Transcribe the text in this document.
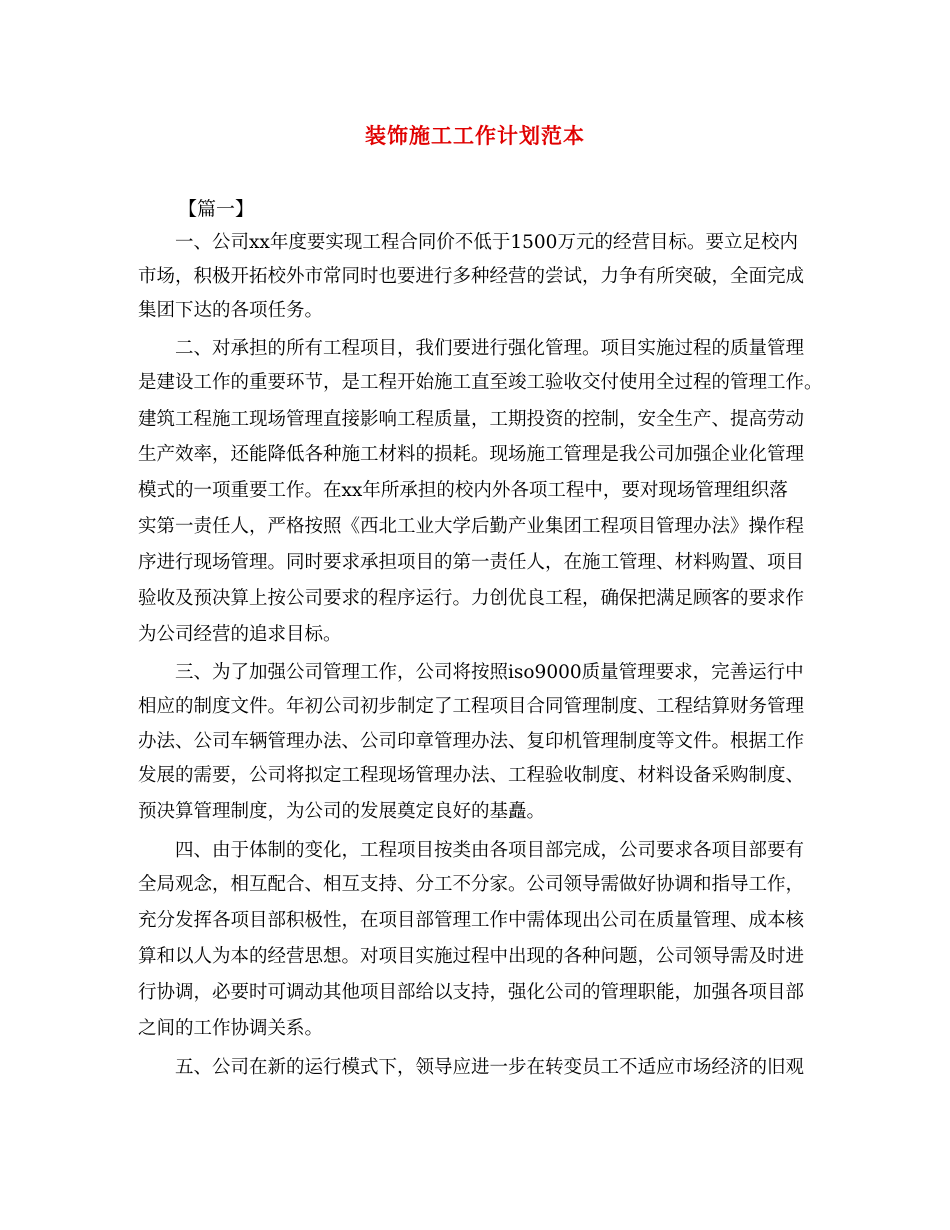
装饰施工工作计划范本
【篇一】
　　一、公司xx年度要实现工程合同价不低于1500万元的经营目标。要立足校内
市场，积极开拓校外市常同时也要进行多种经营的尝试，力争有所突破，全面完成
集团下达的各项任务。
　　二、对承担的所有工程项目，我们要进行强化管理。项目实施过程的质量管理
是建设工作的重要环节，是工程开始施工直至竣工验收交付使用全过程的管理工作。
建筑工程施工现场管理直接影响工程质量，工期投资的控制，安全生产、提高劳动
生产效率，还能降低各种施工材料的损耗。现场施工管理是我公司加强企业化管理
模式的一项重要工作。在xx年所承担的校内外各项工程中，要对现场管理组织落
实第一责任人，严格按照《西北工业大学后勤产业集团工程项目管理办法》操作程
序进行现场管理。同时要求承担项目的第一责任人，在施工管理、材料购置、项目
验收及预决算上按公司要求的程序运行。力创优良工程，确保把满足顾客的要求作
为公司经营的追求目标。
　　三、为了加强公司管理工作，公司将按照iso9000质量管理要求，完善运行中
相应的制度文件。年初公司初步制定了工程项目合同管理制度、工程结算财务管理
办法、公司车辆管理办法、公司印章管理办法、复印机管理制度等文件。根据工作
发展的需要，公司将拟定工程现场管理办法、工程验收制度、材料设备采购制度、
预决算管理制度，为公司的发展奠定良好的基矗。
　　四、由于体制的变化，工程项目按类由各项目部完成，公司要求各项目部要有
全局观念，相互配合、相互支持、分工不分家。公司领导需做好协调和指导工作，
充分发挥各项目部积极性，在项目部管理工作中需体现出公司在质量管理、成本核
算和以人为本的经营思想。对项目实施过程中出现的各种问题，公司领导需及时进
行协调，必要时可调动其他项目部给以支持，强化公司的管理职能，加强各项目部
之间的工作协调关系。
　　五、公司在新的运行模式下，领导应进一步在转变员工不适应市场经济的旧观
